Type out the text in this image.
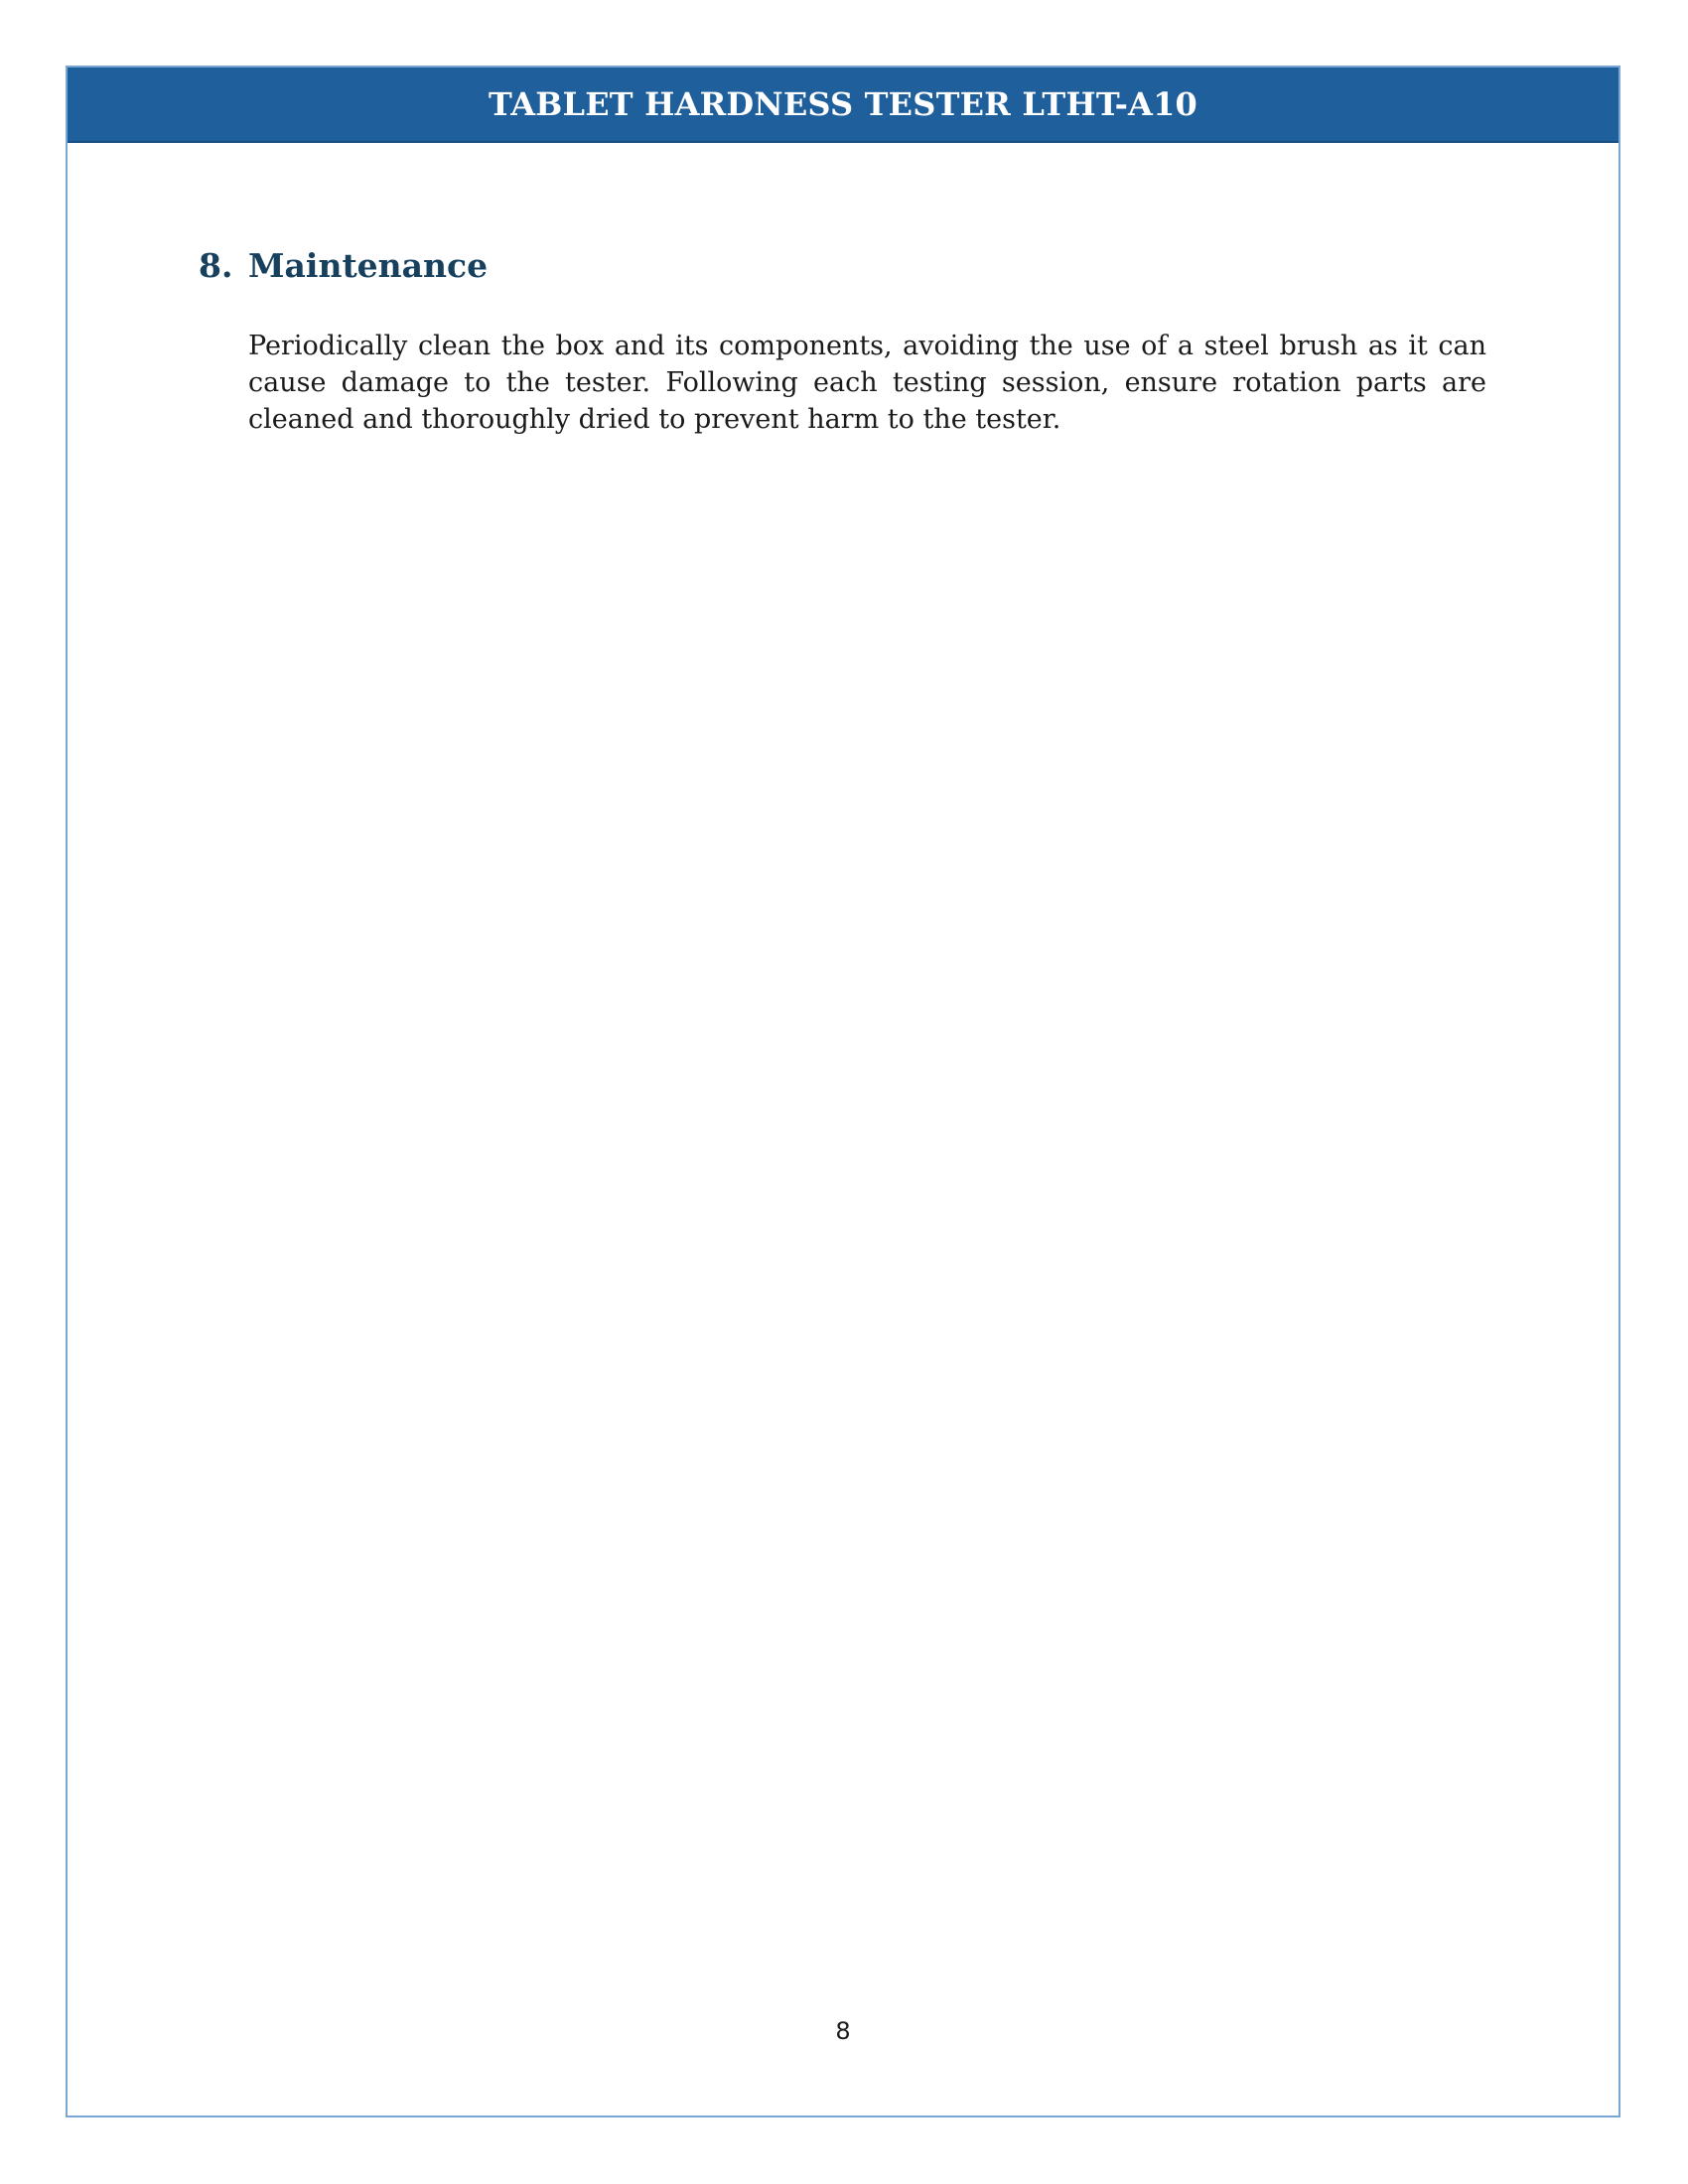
TABLET HARDNESS TESTER LTHT-A10
8. Maintenance

Periodically clean the box and its components, avoiding the use of a steel brush as it can cause damage to the tester. Following each testing session, ensure rotation parts are cleaned and thoroughly dried to prevent harm to the tester.

8
